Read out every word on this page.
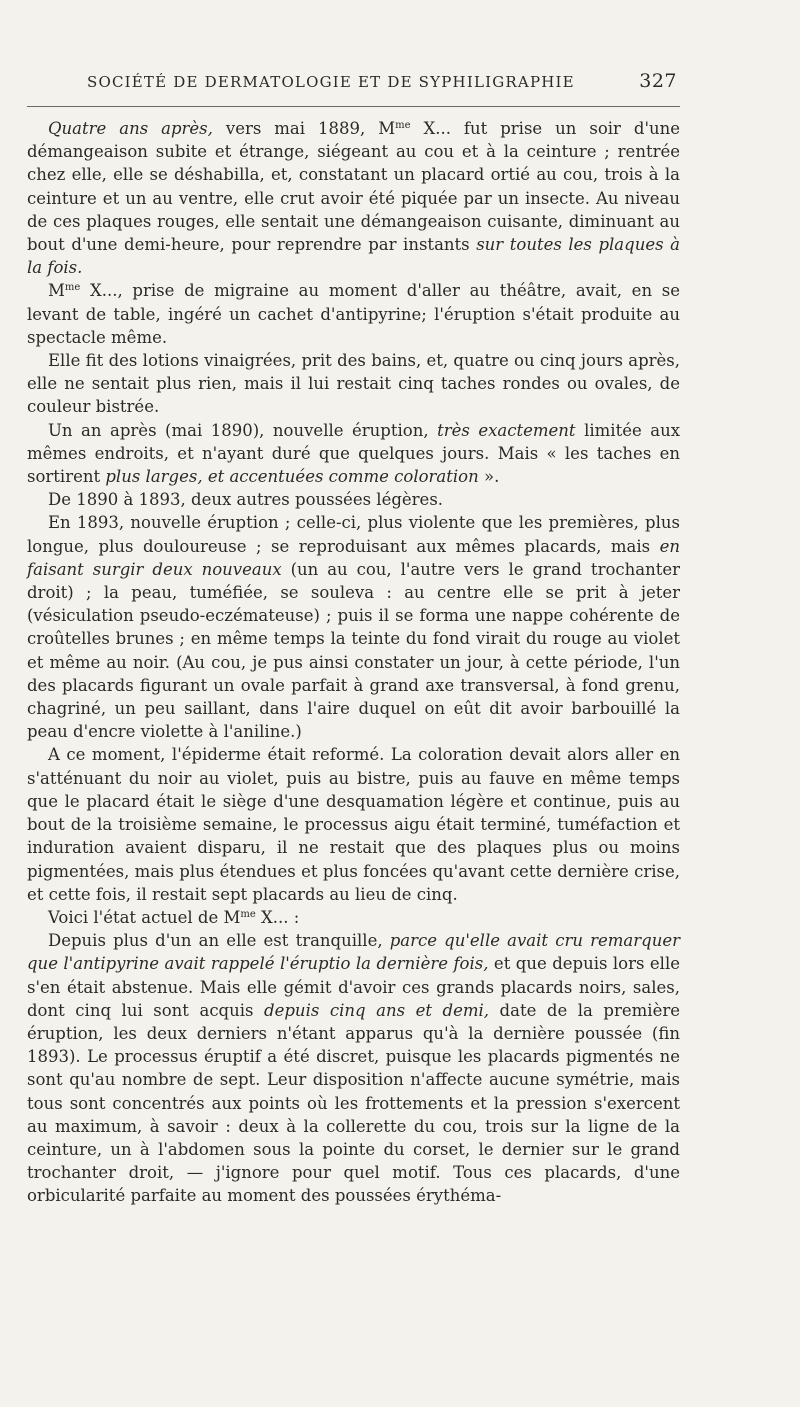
SOCIÉTÉ DE DERMATOLOGIE ET DE SYPHILIGRAPHIE	327

Quatre ans après, vers mai 1889, $M^{me}$ X... fut prise un soir d'une démangeaison subite et étrange, siégeant au cou et à la ceinture ; rentrée chez elle, elle se déshabilla, et, constatant un placard ortié au cou, trois à la ceinture et un au ventre, elle crut avoir été piquée par un insecte. Au niveau de ces plaques rouges, elle sentait une démangeaison cuisante, diminuant au bout d'une demi-heure, pour reprendre par instants sur toutes les plaques à la fois.

$M^{me}$ X..., prise de migraine au moment d'aller au théâtre, avait, en se levant de table, ingéré un cachet d'antipyrine; l'éruption s'était produite au spectacle même.

Elle fit des lotions vinaigrées, prit des bains, et, quatre ou cinq jours après, elle ne sentait plus rien, mais il lui restait cinq taches rondes ou ovales, de couleur bistrée.

Un an après (mai 1890), nouvelle éruption, très exactement limitée aux mêmes endroits, et n'ayant duré que quelques jours. Mais « les taches en sortirent plus larges, et accentuées comme coloration ».

De 1890 à 1893, deux autres poussées légères.

En 1893, nouvelle éruption ; celle-ci, plus violente que les premières, plus longue, plus douloureuse ; se reproduisant aux mêmes placards, mais en faisant surgir deux nouveaux (un au cou, l'autre vers le grand trochanter droit) ; la peau, tuméfiée, se souleva : au centre elle se prit à jeter (vésiculation pseudo-eczémateuse) ; puis il se forma une nappe cohérente de croûtelles brunes ; en même temps la teinte du fond virait du rouge au violet et même au noir. (Au cou, je pus ainsi constater un jour, à cette période, l'un des placards figurant un ovale parfait à grand axe transversal, à fond grenu, chagriné, un peu saillant, dans l'aire duquel on eût dit avoir barbouillé la peau d'encre violette à l'aniline.)

A ce moment, l'épiderme était reformé. La coloration devait alors aller en s'atténuant du noir au violet, puis au bistre, puis au fauve en même temps que le placard était le siège d'une desquamation légère et continue, puis au bout de la troisième semaine, le processus aigu était terminé, tuméfaction et induration avaient disparu, il ne restait que des plaques plus ou moins pigmentées, mais plus étendues et plus foncées qu'avant cette dernière crise, et cette fois, il restait sept placards au lieu de cinq.

Voici l'état actuel de $M^{me}$ X... :

Depuis plus d'un an elle est tranquille, parce qu'elle avait cru remarquer que l'antipyrine avait rappelé l'éruptio la dernière fois, et que depuis lors elle s'en était abstenue. Mais elle gémit d'avoir ces grands placards noirs, sales, dont cinq lui sont acquis depuis cinq ans et demi, date de la première éruption, les deux derniers n'étant apparus qu'à la dernière poussée (fin 1893). Le processus éruptif a été discret, puisque les placards pigmentés ne sont qu'au nombre de sept. Leur disposition n'affecte aucune symétrie, mais tous sont concentrés aux points où les frottements et la pression s'exercent au maximum, à savoir : deux à la collerette du cou, trois sur la ligne de la ceinture, un à l'abdomen sous la pointe du corset, le dernier sur le grand trochanter droit, — j'ignore pour quel motif. Tous ces placards, d'une orbicularité parfaite au moment des poussées érythéma-
